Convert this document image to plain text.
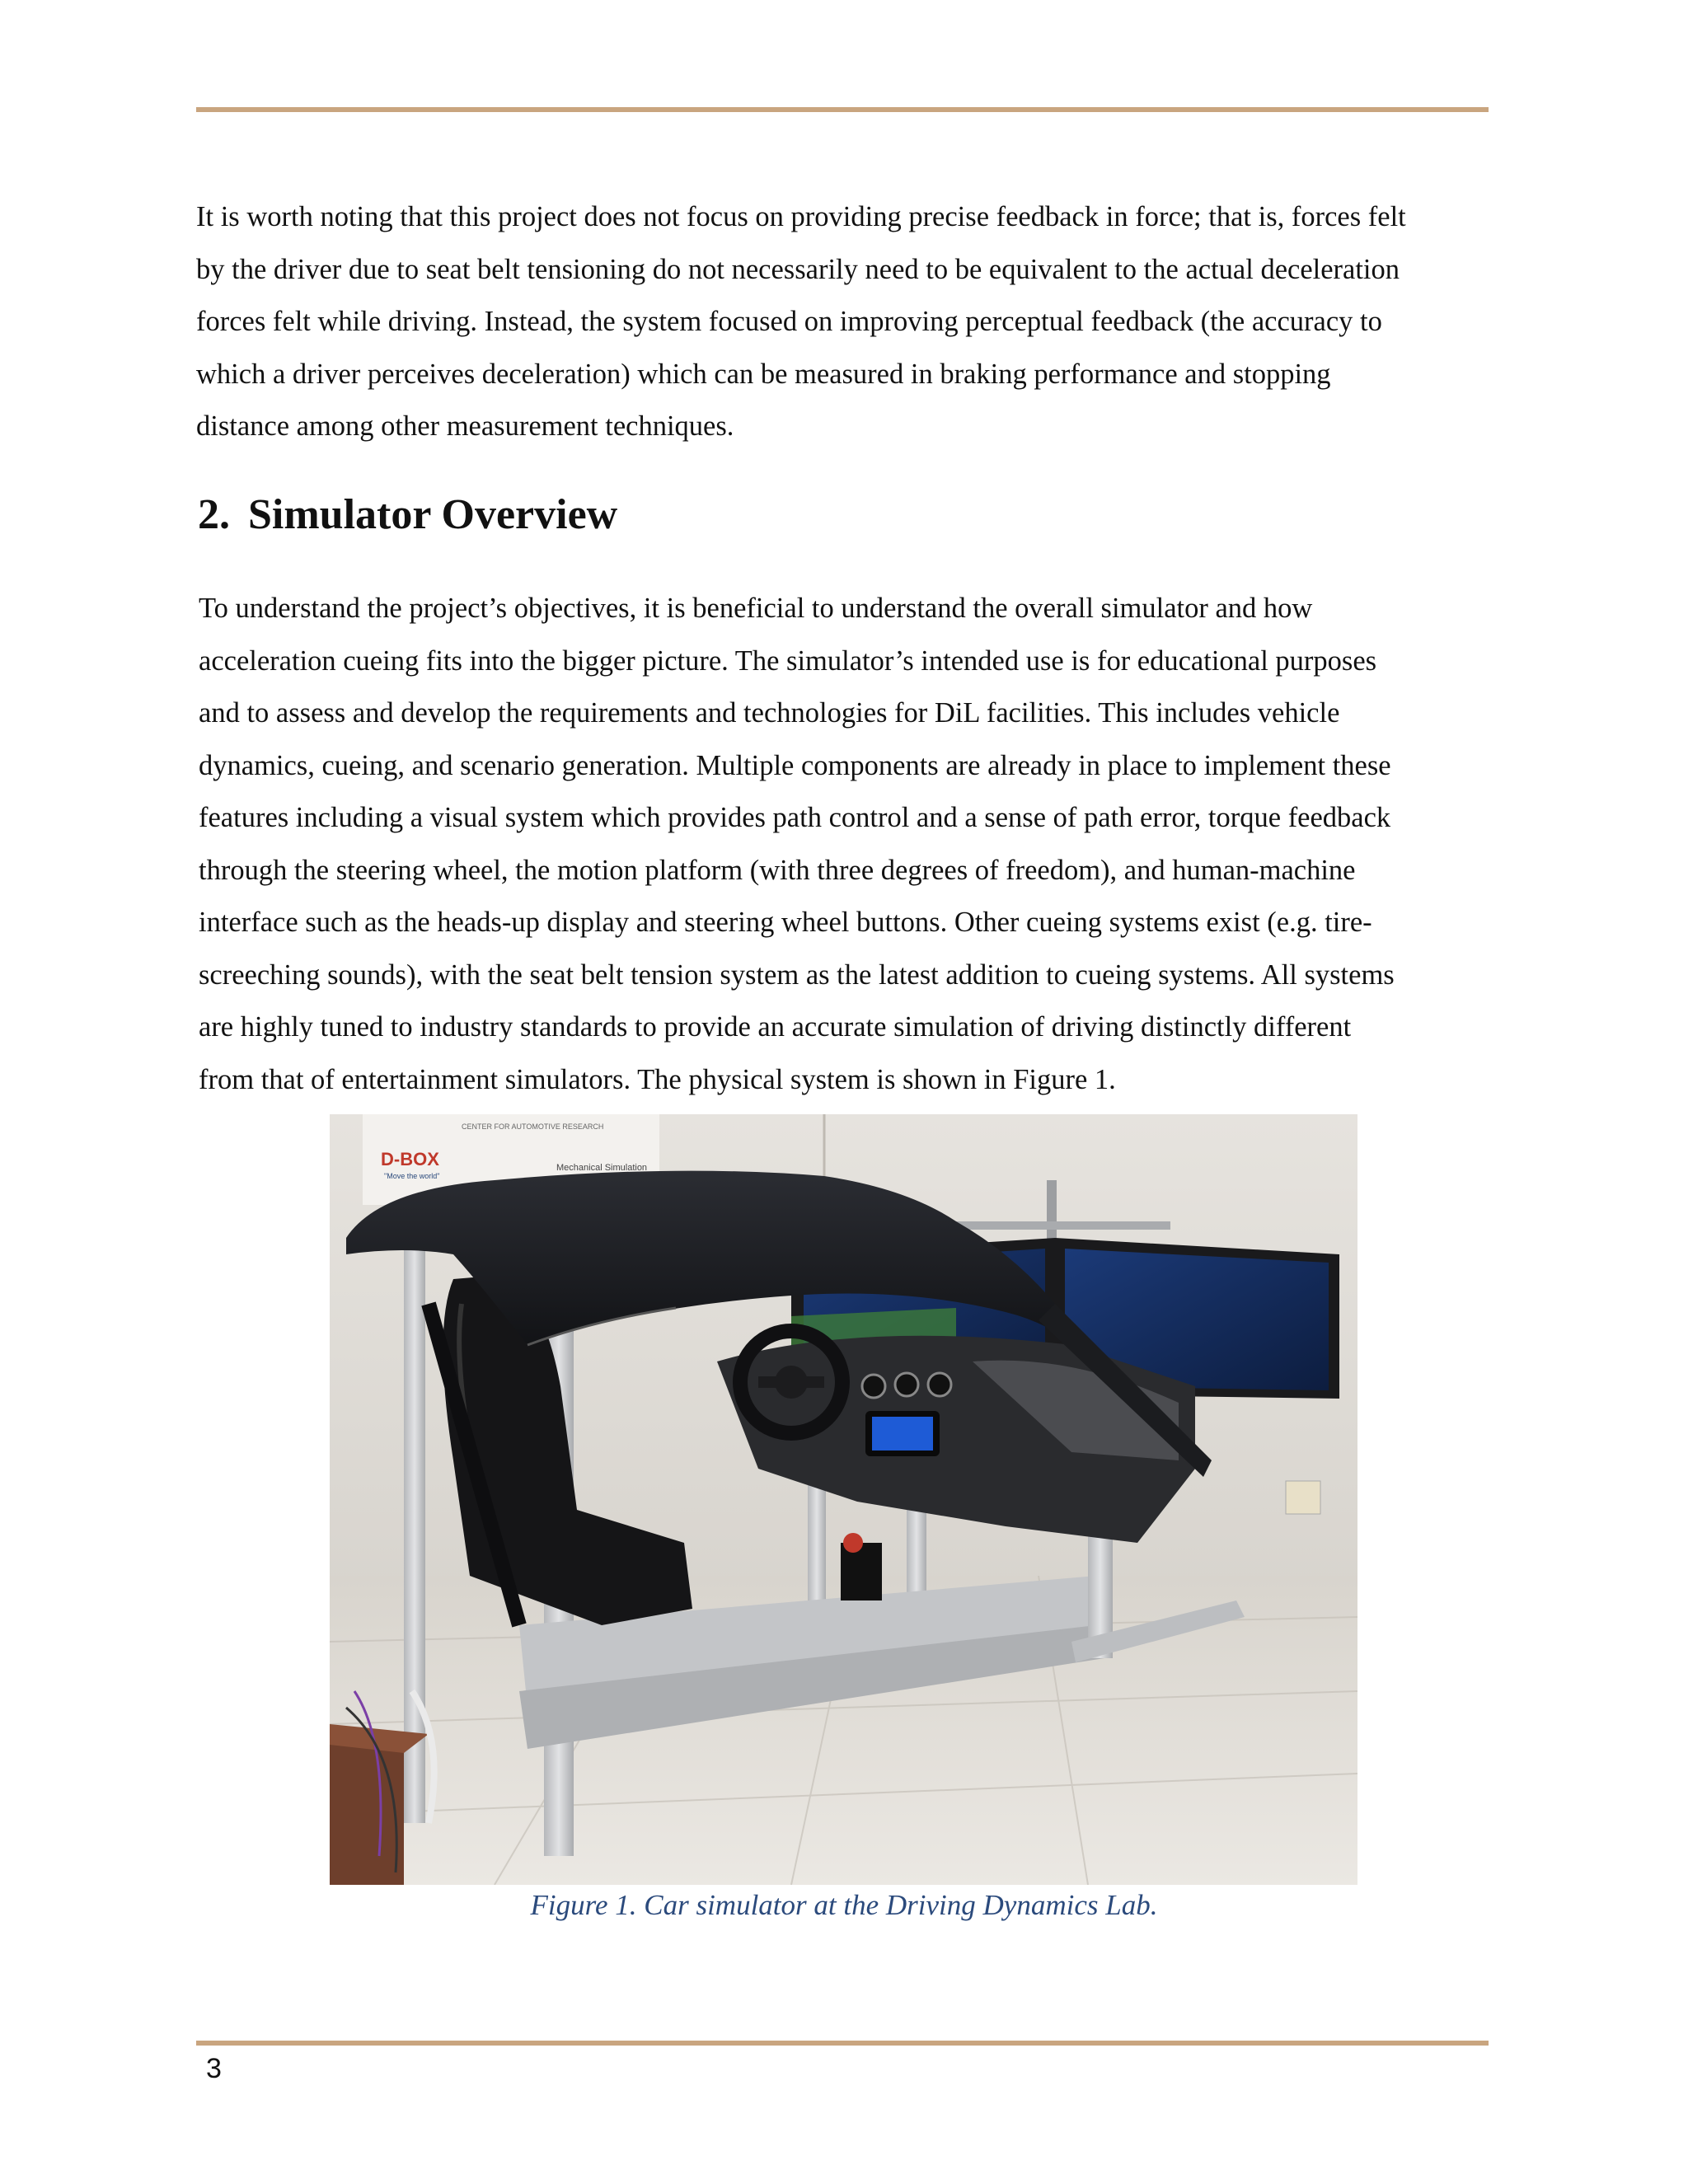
It is worth noting that this project does not focus on providing precise feedback in force; that is, forces felt
by the driver due to seat belt tensioning do not necessarily need to be equivalent to the actual deceleration
forces felt while driving. Instead, the system focused on improving perceptual feedback (the accuracy to
which a driver perceives deceleration) which can be measured in braking performance and stopping
distance among other measurement techniques.

2. Simulator Overview

To understand the project’s objectives, it is beneficial to understand the overall simulator and how
acceleration cueing fits into the bigger picture. The simulator’s intended use is for educational purposes
and to assess and develop the requirements and technologies for DiL facilities. This includes vehicle
dynamics, cueing, and scenario generation. Multiple components are already in place to implement these
features including a visual system which provides path control and a sense of path error, torque feedback
through the steering wheel, the motion platform (with three degrees of freedom), and human-machine
interface such as the heads-up display and steering wheel buttons. Other cueing systems exist (e.g. tire-
screeching sounds), with the seat belt tension system as the latest addition to cueing systems. All systems
are highly tuned to industry standards to provide an accurate simulation of driving distinctly different
from that of entertainment simulators. The physical system is shown in Figure 1.

CENTER FOR AUTOMOTIVE RESEARCH
D-BOX
"Move the world"
Mechanical Simulation

Figure 1. Car simulator at the Driving Dynamics Lab.

3
